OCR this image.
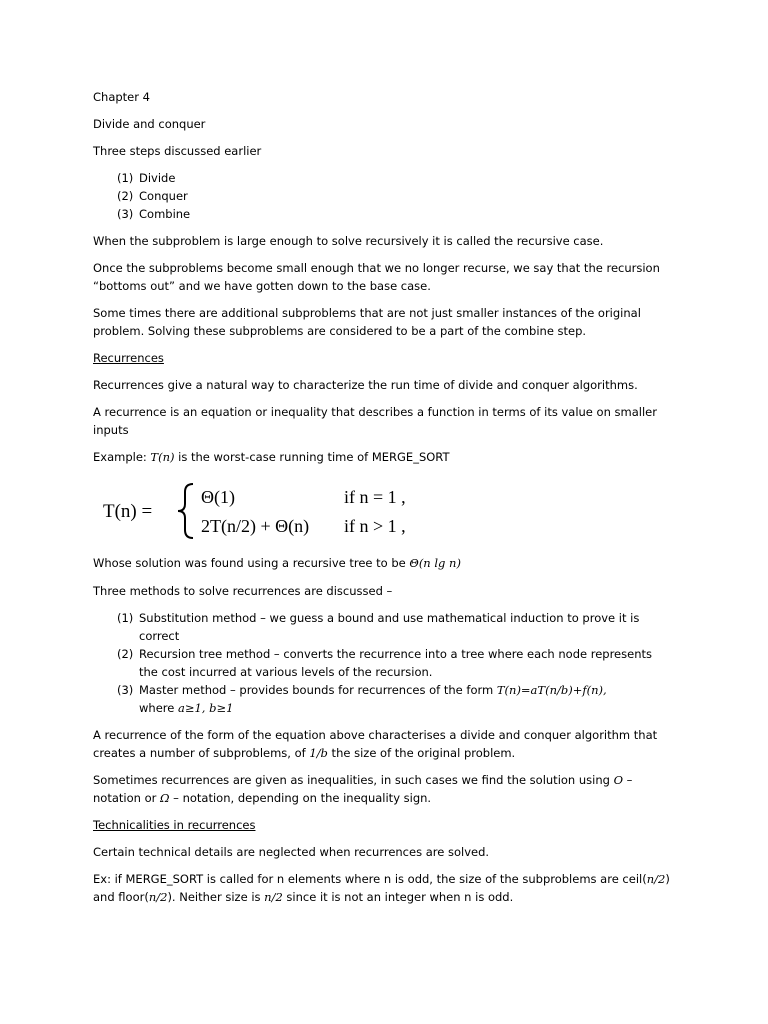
Chapter 4

Divide and conquer

Three steps discussed earlier

(1) Divide
(2) Conquer
(3) Combine

When the subproblem is large enough to solve recursively it is called the recursive case.

Once the subproblems become small enough that we no longer recurse, we say that the recursion

“bottoms out” and we have gotten down to the base case.

Some times there are additional subproblems that are not just smaller instances of the original

problem. Solving these subproblems are considered to be a part of the combine step.

Recurrences

Recurrences give a natural way to characterize the run time of divide and conquer algorithms.

A recurrence is an equation or inequality that describes a function in terms of its value on smaller

inputs

Example: T(n) is the worst-case running time of MERGE_SORT

T(n) =
Θ(1)	if n = 1 ,
2T(n/2) + Θ(n) if n > 1 ,

Whose solution was found using a recursive tree to be Θ(n lg n)

Three methods to solve recurrences are discussed –

(1) Substitution method – we guess a bound and use mathematical induction to prove it is
correct
(2) Recursion tree method – converts the recurrence into a tree where each node represents
the cost incurred at various levels of the recursion.
(3) Master method – provides bounds for recurrences of the form T(n)=aT(n/b)+f(n),
where a≥1, b≥1

A recurrence of the form of the equation above characterises a divide and conquer algorithm that

creates a number of subproblems, of 1/b the size of the original problem.

Sometimes recurrences are given as inequalities, in such cases we find the solution using O –

notation or Ω – notation, depending on the inequality sign.

Technicalities in recurrences

Certain technical details are neglected when recurrences are solved.

Ex: if MERGE_SORT is called for n elements where n is odd, the size of the subproblems are ceil(n/2)

and floor(n/2). Neither size is n/2 since it is not an integer when n is odd.
